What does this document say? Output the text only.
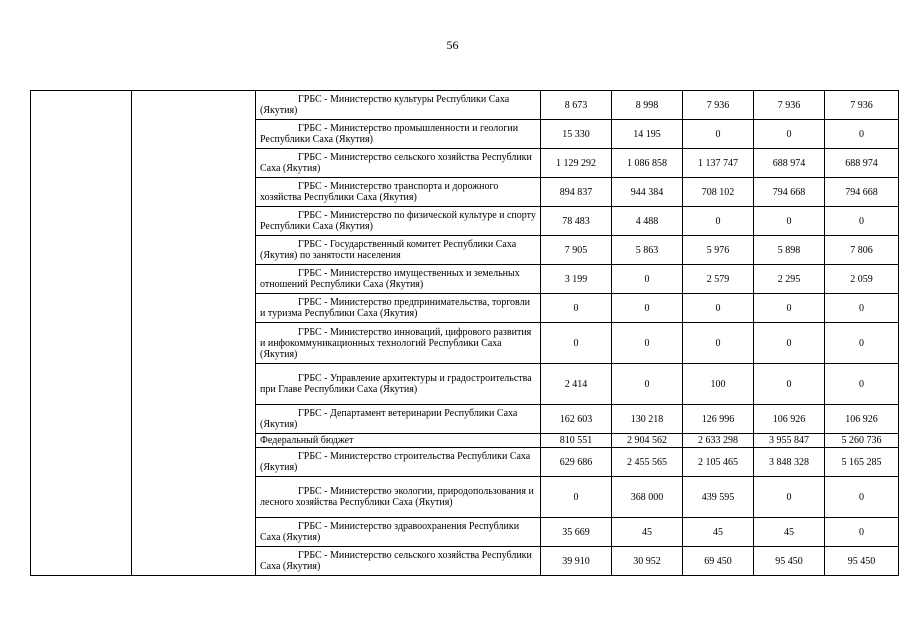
56

		ГРБС - Министерство культуры Республики Саха (Якутия)	8 673	8 998	7 936	7 936	7 936

		ГРБС - Министерство промышленности и геологии Республики Саха (Якутия)	15 330	14 195	0	0	0

		ГРБС - Министерство сельского хозяйства Республики Саха (Якутия)	1 129 292	1 086 858	1 137 747	688 974	688 974

		ГРБС - Министерство транспорта и дорожного хозяйства Республики Саха (Якутия)	894 837	944 384	708 102	794 668	794 668

		ГРБС - Министерство по физической культуре и спорту Республики Саха (Якутия)	78 483	4 488	0	0	0

		ГРБС - Государственный комитет Республики Саха (Якутия) по занятости населения	7 905	5 863	5 976	5 898	7 806

		ГРБС - Министерство имущественных и земельных отношений Республики Саха (Якутия)	3 199	0	2 579	2 295	2 059

		ГРБС - Министерство предпринимательства, торговли и туризма Республики Саха (Якутия)	0	0	0	0	0

		ГРБС - Министерство инноваций, цифрового развития и инфокоммуникационных технологий Республики Саха (Якутия)	0	0	0	0	0

		ГРБС - Управление архитектуры и градостроительства при Главе Республики Саха (Якутия)	2 414	0	100	0	0

		ГРБС - Департамент ветеринарии Республики Саха (Якутия)	162 603	130 218	126 996	106 926	106 926
		Федеральный бюджет	810 551	2 904 562	2 633 298	3 955 847	5 260 736

		ГРБС - Министерство строительства Республики Саха (Якутия)	629 686	2 455 565	2 105 465	3 848 328	5 165 285

		ГРБС - Министерство экологии, природопользования и лесного хозяйства Республики Саха (Якутия)	0	368 000	439 595	0	0

		ГРБС - Министерство здравоохранения Республики Саха (Якутия)	35 669	45	45	45	0

		ГРБС - Министерство сельского хозяйства Республики Саха (Якутия)	39 910	30 952	69 450	95 450	95 450
